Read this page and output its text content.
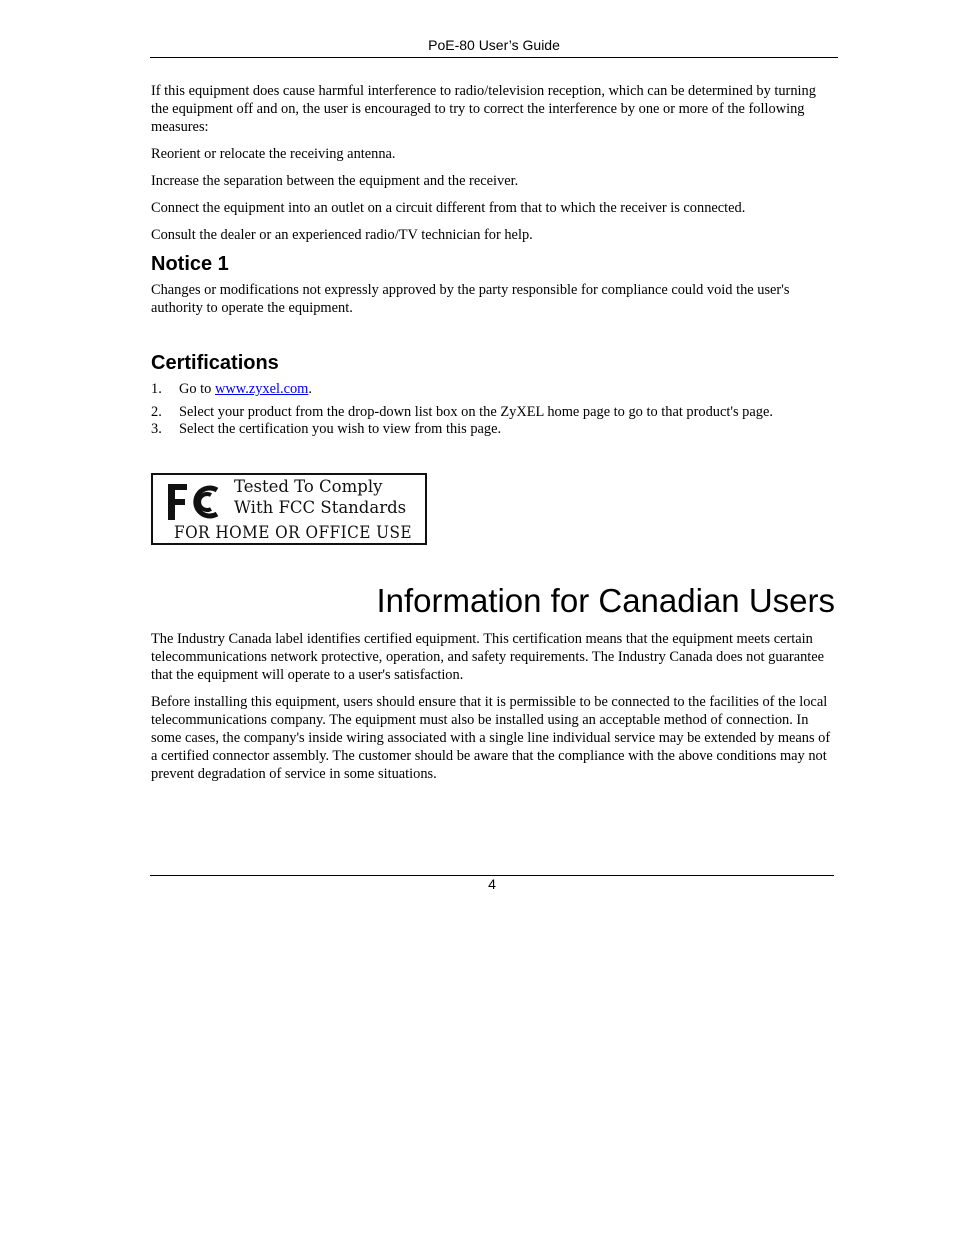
PoE-80 User’s Guide

If this equipment does cause harmful interference to radio/television reception, which can be determined by turning the equipment off and on, the user is encouraged to try to correct the interference by one or more of the following measures:

Reorient or relocate the receiving antenna.

Increase the separation between the equipment and the receiver.

Connect the equipment into an outlet on a circuit different from that to which the receiver is connected.

Consult the dealer or an experienced radio/TV technician for help.

Notice 1

Changes or modifications not expressly approved by the party responsible for compliance could void the user's authority to operate the equipment.

Certifications
1.	Go to www.zyxel.com.
2.	Select your product from the drop-down list box on the ZyXEL home page to go to that product's page.
3.	Select the certification you wish to view from this page.
Tested To Comply
With FCC Standards
FOR HOME OR OFFICE USE
Information for Canadian Users

The Industry Canada label identifies certified equipment. This certification means that the equipment meets certain telecommunications network protective, operation, and safety requirements. The Industry Canada does not guarantee that the equipment will operate to a user's satisfaction.

Before installing this equipment, users should ensure that it is permissible to be connected to the facilities of the local telecommunications company. The equipment must also be installed using an acceptable method of connection. In some cases, the company's inside wiring associated with a single line individual service may be extended by means of a certified connector assembly. The customer should be aware that the compliance with the above conditions may not prevent degradation of service in some situations.

4
